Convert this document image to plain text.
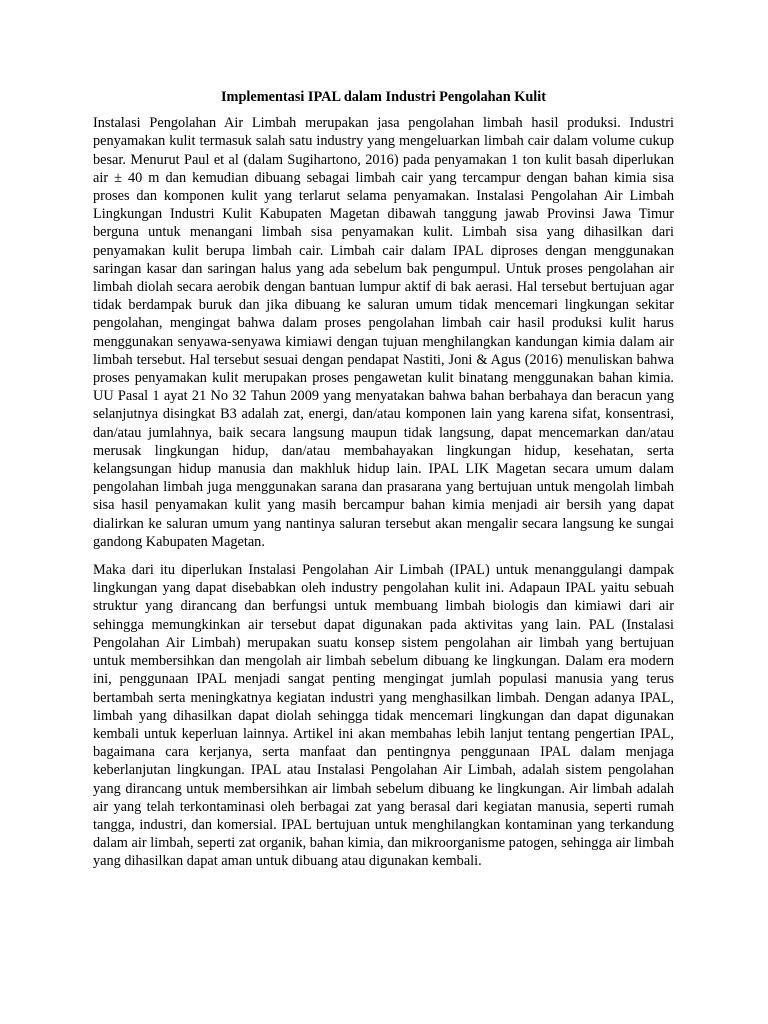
Implementasi IPAL dalam Industri Pengolahan Kulit

Instalasi Pengolahan Air Limbah merupakan jasa pengolahan limbah hasil produksi. Industri penyamakan kulit termasuk salah satu industry yang mengeluarkan limbah cair dalam volume cukup besar. Menurut Paul et al (dalam Sugihartono, 2016) pada penyamakan 1 ton kulit basah diperlukan air ± 40 m dan kemudian dibuang sebagai limbah cair yang tercampur dengan bahan kimia sisa proses dan komponen kulit yang terlarut selama penyamakan. Instalasi Pengolahan Air Limbah Lingkungan Industri Kulit Kabupaten Magetan dibawah tanggung jawab Provinsi Jawa Timur berguna untuk menangani limbah sisa penyamakan kulit. Limbah sisa yang dihasilkan dari penyamakan kulit berupa limbah cair. Limbah cair dalam IPAL diproses dengan menggunakan saringan kasar dan saringan halus yang ada sebelum bak pengumpul. Untuk proses pengolahan air limbah diolah secara aerobik dengan bantuan lumpur aktif di bak aerasi. Hal tersebut bertujuan agar tidak berdampak buruk dan jika dibuang ke saluran umum tidak mencemari lingkungan sekitar pengolahan, mengingat bahwa dalam proses pengolahan limbah cair hasil produksi kulit harus menggunakan senyawa-senyawa kimiawi dengan tujuan menghilangkan kandungan kimia dalam air limbah tersebut. Hal tersebut sesuai dengan pendapat Nastiti, Joni & Agus (2016) menuliskan bahwa proses penyamakan kulit merupakan proses pengawetan kulit binatang menggunakan bahan kimia. UU Pasal 1 ayat 21 No 32 Tahun 2009 yang menyatakan bahwa bahan berbahaya dan beracun yang selanjutnya disingkat B3 adalah zat, energi, dan/atau komponen lain yang karena sifat, konsentrasi, dan/atau jumlahnya, baik secara langsung maupun tidak langsung, dapat mencemarkan dan/atau merusak lingkungan hidup, dan/atau membahayakan lingkungan hidup, kesehatan, serta kelangsungan hidup manusia dan makhluk hidup lain. IPAL LIK Magetan secara umum dalam pengolahan limbah juga menggunakan sarana dan prasarana yang bertujuan untuk mengolah limbah sisa hasil penyamakan kulit yang masih bercampur bahan kimia menjadi air bersih yang dapat dialirkan ke saluran umum yang nantinya saluran tersebut akan mengalir secara langsung ke sungai gandong Kabupaten Magetan.

Maka dari itu diperlukan Instalasi Pengolahan Air Limbah (IPAL) untuk menanggulangi dampak lingkungan yang dapat disebabkan oleh industry pengolahan kulit ini. Adapaun IPAL yaitu sebuah struktur yang dirancang dan berfungsi untuk membuang limbah biologis dan kimiawi dari air sehingga memungkinkan air tersebut dapat digunakan pada aktivitas yang lain. PAL (Instalasi Pengolahan Air Limbah) merupakan suatu konsep sistem pengolahan air limbah yang bertujuan untuk membersihkan dan mengolah air limbah sebelum dibuang ke lingkungan. Dalam era modern ini, penggunaan IPAL menjadi sangat penting mengingat jumlah populasi manusia yang terus bertambah serta meningkatnya kegiatan industri yang menghasilkan limbah. Dengan adanya IPAL, limbah yang dihasilkan dapat diolah sehingga tidak mencemari lingkungan dan dapat digunakan kembali untuk keperluan lainnya. Artikel ini akan membahas lebih lanjut tentang pengertian IPAL, bagaimana cara kerjanya, serta manfaat dan pentingnya penggunaan IPAL dalam menjaga keberlanjutan lingkungan. IPAL atau Instalasi Pengolahan Air Limbah, adalah sistem pengolahan yang dirancang untuk membersihkan air limbah sebelum dibuang ke lingkungan. Air limbah adalah air yang telah terkontaminasi oleh berbagai zat yang berasal dari kegiatan manusia, seperti rumah tangga, industri, dan komersial. IPAL bertujuan untuk menghilangkan kontaminan yang terkandung dalam air limbah, seperti zat organik, bahan kimia, dan mikroorganisme patogen, sehingga air limbah yang dihasilkan dapat aman untuk dibuang atau digunakan kembali.
